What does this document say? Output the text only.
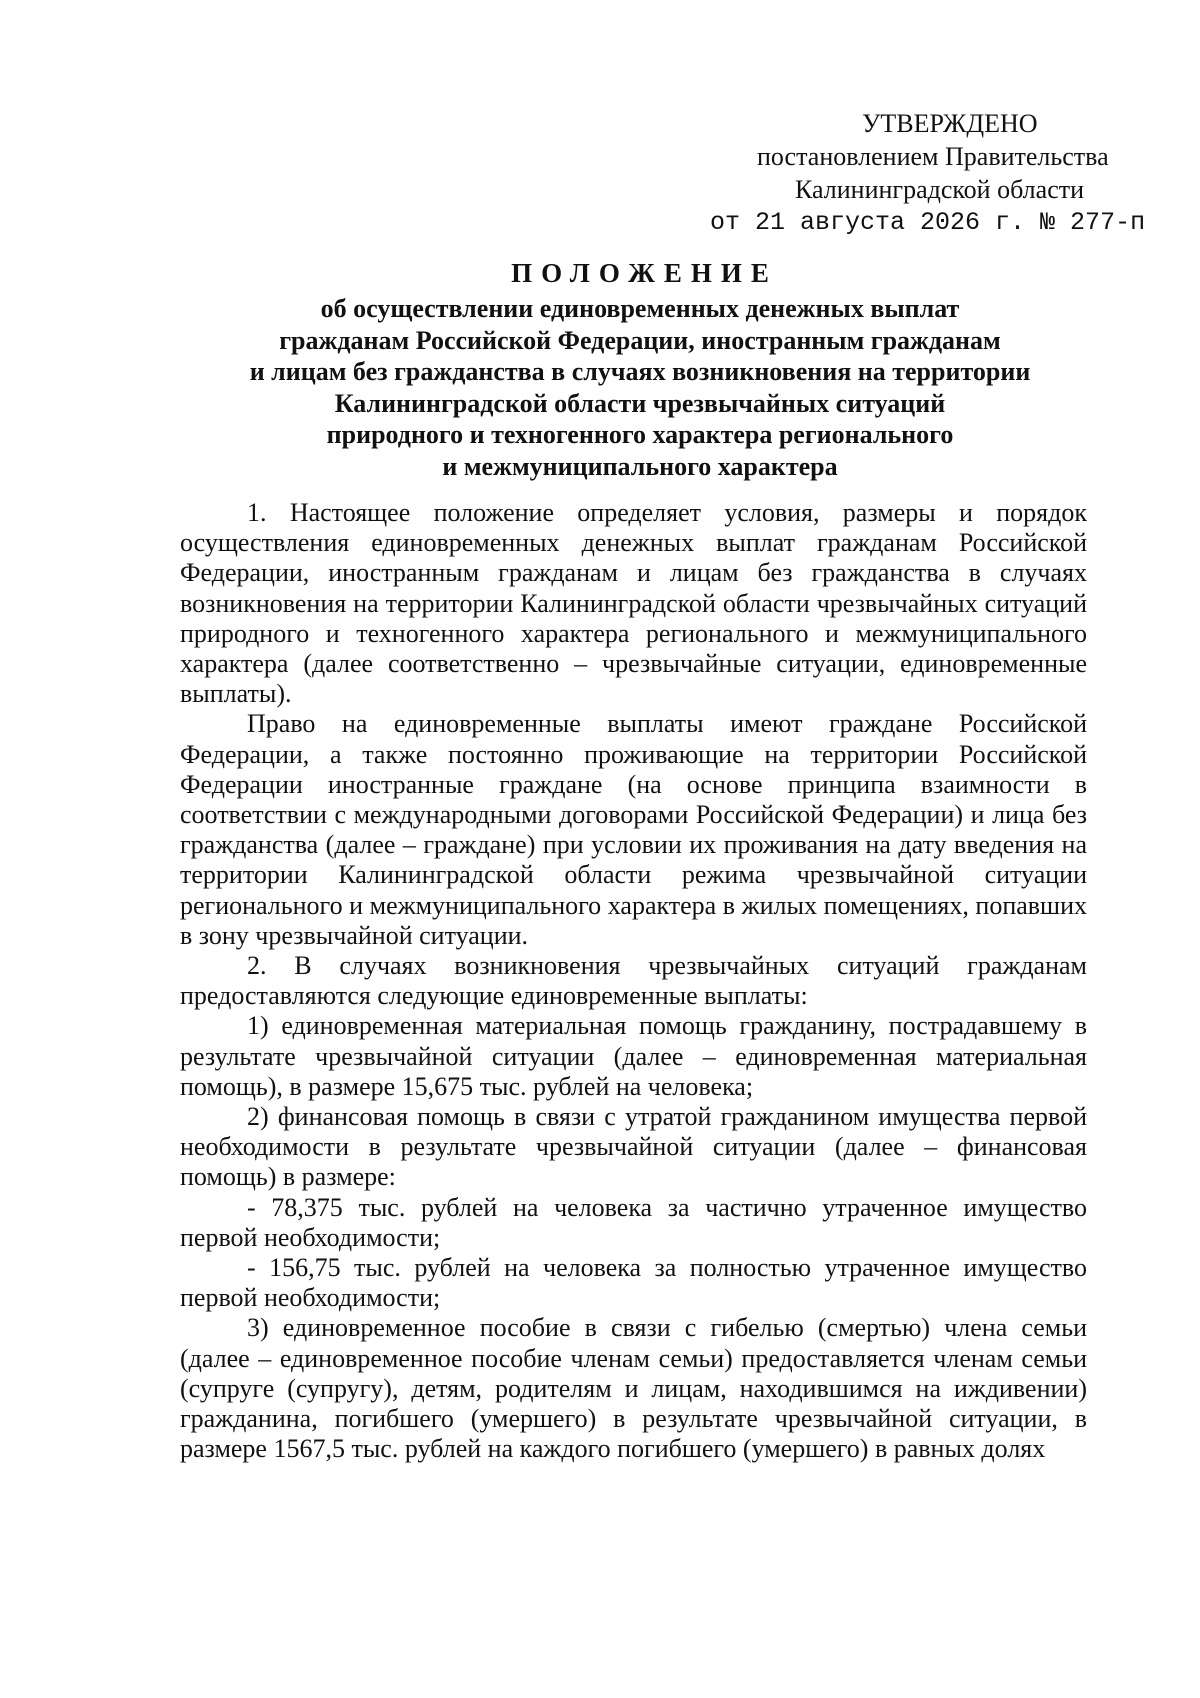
УТВЕРЖДЕНО
постановлением Правительства
Калининградской области
от 21 августа 2026 г. № 277-п
ПОЛОЖЕНИЕ
об осуществлении единовременных денежных выплат
гражданам Российской Федерации, иностранным гражданам
и лицам без гражданства в случаях возникновения на территории
Калининградской области чрезвычайных ситуаций
природного и техногенного характера регионального
и межмуниципального характера

1. Настоящее положение определяет условия, размеры и порядок осуществления единовременных денежных выплат гражданам Российской Федерации, иностранным гражданам и лицам без гражданства в случаях возникновения на территории Калининградской области чрезвычайных ситуаций природного и техногенного характера регионального и межмуниципального характера (далее соответственно – чрезвычайные ситуации, единовременные выплаты).

Право на единовременные выплаты имеют граждане Российской Федерации, а также постоянно проживающие на территории Российской Федерации иностранные граждане (на основе принципа взаимности в соответствии с международными договорами Российской Федерации) и лица без гражданства (далее – граждане) при условии их проживания на дату введения на территории Калининградской области режима чрезвычайной ситуации регионального и межмуниципального характера в жилых помещениях, попавших в зону чрезвычайной ситуации.

2. В случаях возникновения чрезвычайных ситуаций гражданам предоставляются следующие единовременные выплаты:

1) единовременная материальная помощь гражданину, пострадавшему в результате чрезвычайной ситуации (далее – единовременная материальная помощь), в размере 15,675 тыс. рублей на человека;

2) финансовая помощь в связи с утратой гражданином имущества первой необходимости в результате чрезвычайной ситуации (далее – финансовая помощь) в размере:

- 78,375 тыс. рублей на человека за частично утраченное имущество первой необходимости;

- 156,75 тыс. рублей на человека за полностью утраченное имущество первой необходимости;

3) единовременное пособие в связи с гибелью (смертью) члена семьи (далее – единовременное пособие членам семьи) предоставляется членам семьи (супруге (супругу), детям, родителям и лицам, находившимся на иждивении) гражданина, погибшего (умершего) в результате чрезвычайной ситуации, в размере 1567,5 тыс. рублей на каждого погибшего (умершего) в равных долях
